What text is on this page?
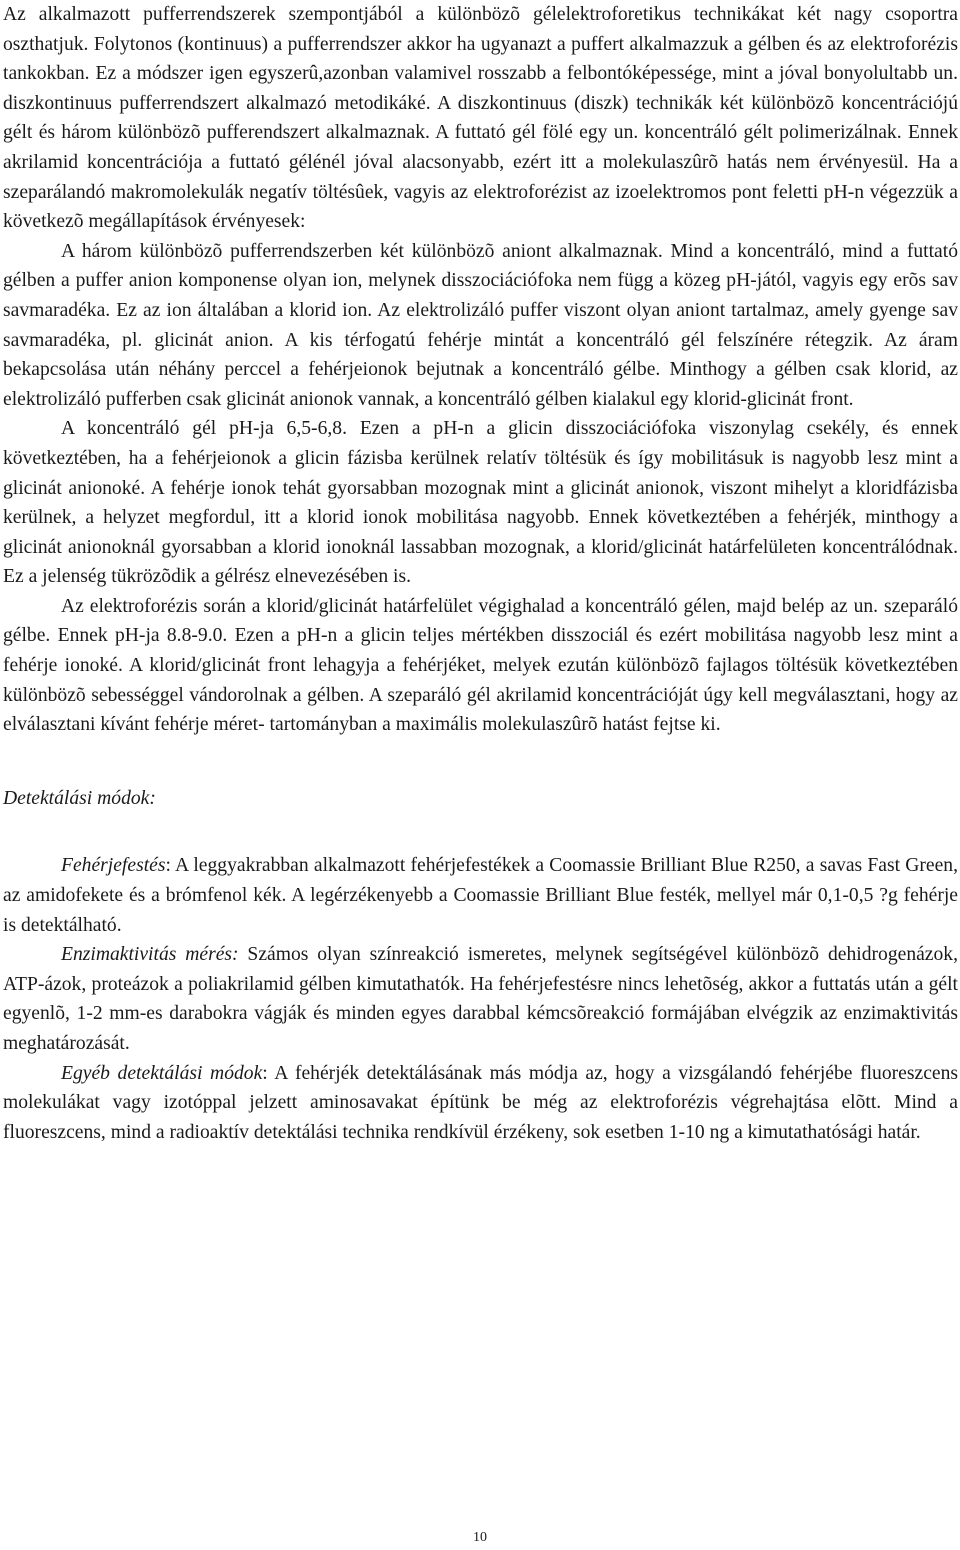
Az alkalmazott pufferrendszerek szempontjából a különbözõ gélelektroforetikus technikákat két nagy csoportra oszthatjuk. Folytonos (kontinuus) a pufferrendszer akkor ha ugyanazt a puffert alkalmazzuk a gélben és az elektroforézis tankokban. Ez a módszer igen egyszerû,azonban valamivel rosszabb a felbontóképessége, mint a jóval bonyolultabb un. diszkontinuus pufferrendszert alkalmazó metodikáké. A diszkontinuus (diszk) technikák két különbözõ koncentrációjú gélt és három különbözõ pufferendszert alkalmaznak. A futtató gél fölé egy un. koncentráló gélt polimerizálnak. Ennek akrilamid koncentrációja a futtató gélénél jóval alacsonyabb, ezért itt a molekulaszûrõ hatás nem érvényesül. Ha a szeparálandó makromolekulák negatív töltésûek, vagyis az elektroforézist az izoelektromos pont feletti pH-n végezzük a következõ megállapítások érvényesek:

A három különbözõ pufferrendszerben két különbözõ aniont alkalmaznak. Mind a koncentráló, mind a futtató gélben a puffer anion komponense olyan ion, melynek disszociációfoka nem függ a közeg pH-jától, vagyis egy erõs sav savmaradéka. Ez az ion általában a klorid ion. Az elektrolizáló puffer viszont olyan aniont tartalmaz, amely gyenge sav savmaradéka, pl. glicinát anion. A kis térfogatú fehérje mintát a koncentráló gél felszínére rétegzik. Az áram bekapcsolása után néhány perccel a fehérjeionok bejutnak a koncentráló gélbe. Minthogy a gélben csak klorid, az elektrolizáló pufferben csak glicinát anionok vannak, a koncentráló gélben kialakul egy klorid-glicinát front.

A koncentráló gél pH-ja 6,5-6,8. Ezen a pH-n a glicin disszociációfoka viszonylag csekély, és ennek következtében, ha a fehérjeionok a glicin fázisba kerülnek relatív töltésük és így mobilitásuk is nagyobb lesz mint a glicinát anionoké. A fehérje ionok tehát gyorsabban mozognak mint a glicinát anionok, viszont mihelyt a kloridfázisba kerülnek, a helyzet megfordul, itt a klorid ionok mobilitása nagyobb. Ennek következtében a fehérjék, minthogy a glicinát anionoknál gyorsabban a klorid ionoknál lassabban mozognak, a klorid/glicinát határfelületen koncentrálódnak. Ez a jelenség tükrözõdik a gélrész elnevezésében is.

Az elektroforézis során a klorid/glicinát határfelület végighalad a koncentráló gélen, majd belép az un. szeparáló gélbe. Ennek pH-ja 8.8-9.0. Ezen a pH-n a glicin teljes mértékben disszociál és ezért mobilitása nagyobb lesz mint a fehérje ionoké. A klorid/glicinát front lehagyja a fehérjéket, melyek ezután különbözõ fajlagos töltésük következtében különbözõ sebességgel vándorolnak a gélben. A szeparáló gél akrilamid koncentrációját úgy kell megválasztani, hogy az elválasztani kívánt fehérje méret- tartományban a maximális molekulaszûrõ hatást fejtse ki.

Detektálási módok:

Fehérjefestés: A leggyakrabban alkalmazott fehérjefestékek a Coomassie Brilliant Blue R250, a savas Fast Green, az amidofekete és a brómfenol kék. A legérzékenyebb a Coomassie Brilliant Blue festék, mellyel már 0,1-0,5 ?g fehérje is detektálható.

Enzimaktivitás mérés: Számos olyan színreakció ismeretes, melynek segítségével különbözõ dehidrogenázok, ATP-ázok, proteázok a poliakrilamid gélben kimutathatók. Ha fehérjefestésre nincs lehetõség, akkor a futtatás után a gélt egyenlõ, 1-2 mm-es darabokra vágják és minden egyes darabbal kémcsõreakció formájában elvégzik az enzimaktivitás meghatározását.

Egyéb detektálási módok: A fehérjék detektálásának más módja az, hogy a vizsgálandó fehérjébe fluoreszcens molekulákat vagy izotóppal jelzett aminosavakat építünk be még az elektroforézis végrehajtása elõtt. Mind a fluoreszcens, mind a radioaktív detektálási technika rendkívül érzékeny, sok esetben 1-10 ng a kimutathatósági határ.

10
